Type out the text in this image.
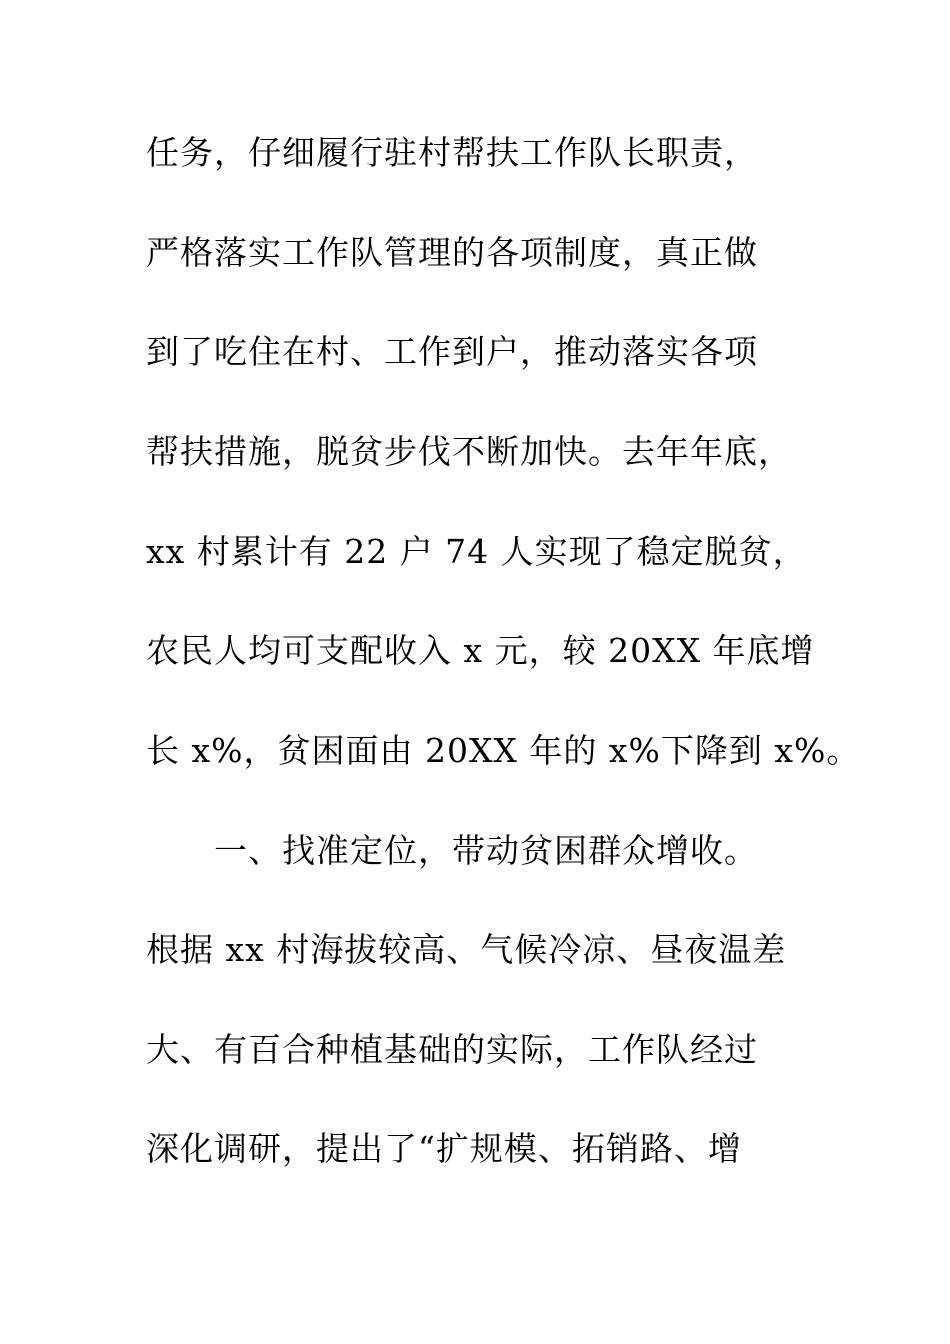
任务，仔细履行驻村帮扶工作队长职责，
严格落实工作队管理的各项制度，真正做
到了吃住在村、工作到户，推动落实各项
帮扶措施，脱贫步伐不断加快。去年年底，
xx 村累计有 22 户 74 人实现了稳定脱贫，
农民人均可支配收入 x 元，较 20XX 年底增
长 x%，贫困面由 20XX 年的 x%下降到 x%。
一、找准定位，带动贫困群众增收。
根据 xx 村海拔较高、气候冷凉、昼夜温差
大、有百合种植基础的实际，工作队经过
深化调研，提出了“扩规模、拓销路、增
